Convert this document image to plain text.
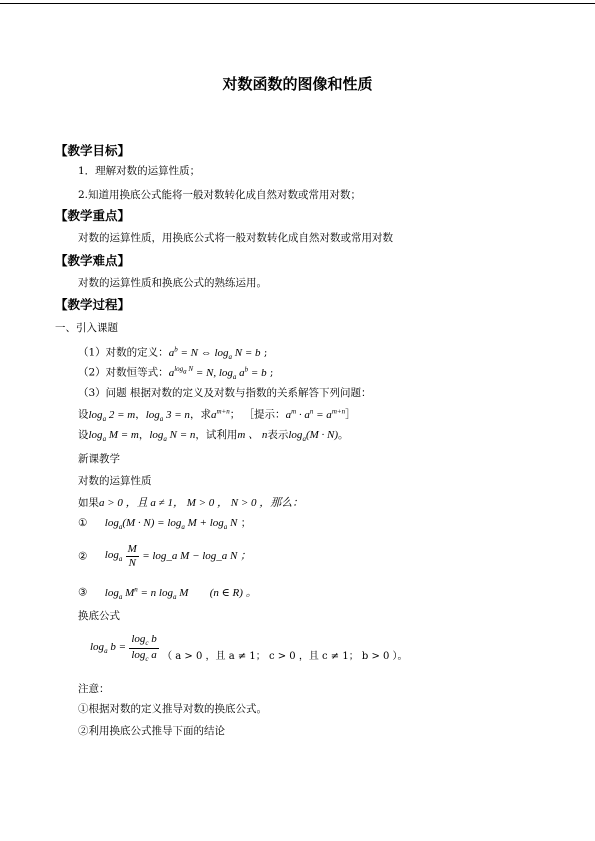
对数函数的图像和性质
【教学目标】
1．理解对数的运算性质；
2.知道用换底公式能将一般对数转化成自然对数或常用对数；
【教学重点】
对数的运算性质，用换底公式将一般对数转化成自然对数或常用对数
【教学难点】
对数的运算性质和换底公式的熟练运用。
【教学过程】
一、引入课题
（1）对数的定义：$a^b = N$ ⇔ $\log_a N = b$ ;
（2）对数恒等式：$a^{log_a N} = N$, $\log_a a^b = b$ ;
（3）问题 根据对数的定义及对数与指数的关系解答下列问题：
设$\log_a 2 = m$，$\log_a 3 = n$，求$a^{m+n}$； ［提示：$a^m \cdot a^n$ = $a^{m+n}]$
设$\log_a M = m$，$\log_a N = n$，试利用m 、 n表示$\log_a(M \cdot N)$。
新课教学
对数的运算性质
如果a > 0 ，且 a ≠ 1， M > 0 ， N > 0 ，那么：
① $\log_a(M \cdot N) = \log_a M + \log_a N$ ；
② $\log_a \frac{M}{N}$ = log_a M − log_a N ；
③ $\log_a M^n = n$ $\log_a M$ (n ∈ R) 。
换底公式
$\log_a b = \frac{\log_c b}{\log_c a}$ （ a > 0 ，且 a ≠ 1； c > 0 ，且 c ≠ 1； b > 0 ）。
注意：
①根据对数的定义推导对数的换底公式。
②利用换底公式推导下面的结论
